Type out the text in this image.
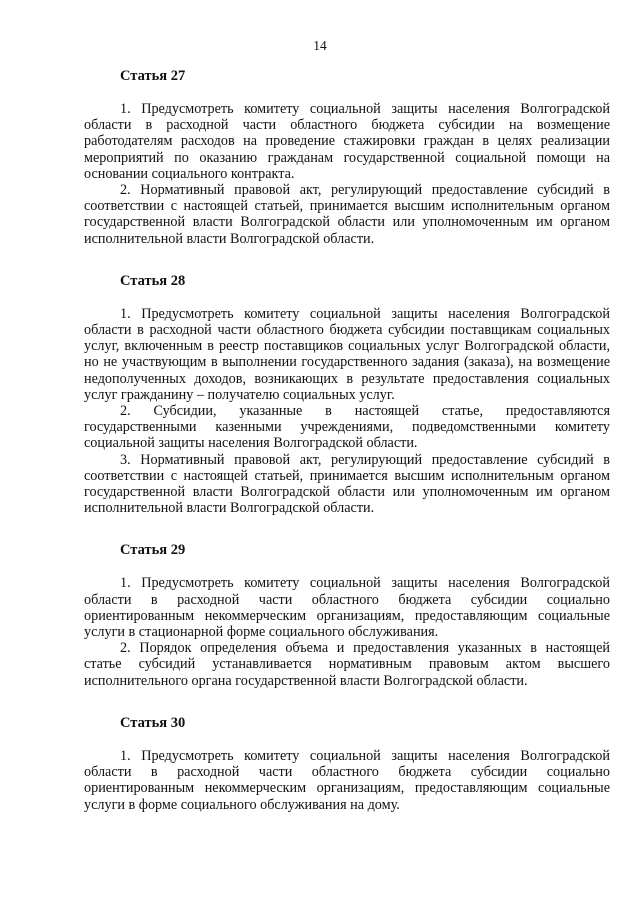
14
Статья 27

1. Предусмотреть комитету социальной защиты населения Волгоградской области в расходной части областного бюджета субсидии на возмещение работодателям расходов на проведение стажировки граждан в целях реализации мероприятий по оказанию гражданам государственной социальной помощи на основании социального контракта.

2. Нормативный правовой акт, регулирующий предоставление субсидий в соответствии с настоящей статьей, принимается высшим исполнительным органом государственной власти Волгоградской области или уполномоченным им органом исполнительной власти Волгоградской области.

Статья 28

1. Предусмотреть комитету социальной защиты населения Волгоградской области в расходной части областного бюджета субсидии поставщикам социальных услуг, включенным в реестр поставщиков социальных услуг Волгоградской области, но не участвующим в выполнении государственного задания (заказа), на возмещение недополученных доходов, возникающих в результате предоставления социальных услуг гражданину – получателю социальных услуг.

2. Субсидии, указанные в настоящей статье, предоставляются государственными казенными учреждениями, подведомственными комитету социальной защиты населения Волгоградской области.

3. Нормативный правовой акт, регулирующий предоставление субсидий в соответствии с настоящей статьей, принимается высшим исполнительным органом государственной власти Волгоградской области или уполномоченным им органом исполнительной власти Волгоградской области.

Статья 29

1. Предусмотреть комитету социальной защиты населения Волгоградской области в расходной части областного бюджета субсидии социально ориентированным некоммерческим организациям, предоставляющим социальные услуги в стационарной форме социального обслуживания.

2. Порядок определения объема и предоставления указанных в настоящей статье субсидий устанавливается нормативным правовым актом высшего исполнительного органа государственной власти Волгоградской области.

Статья 30

1. Предусмотреть комитету социальной защиты населения Волгоградской области в расходной части областного бюджета субсидии социально ориентированным некоммерческим организациям, предоставляющим социальные услуги в форме социального обслуживания на дому.
